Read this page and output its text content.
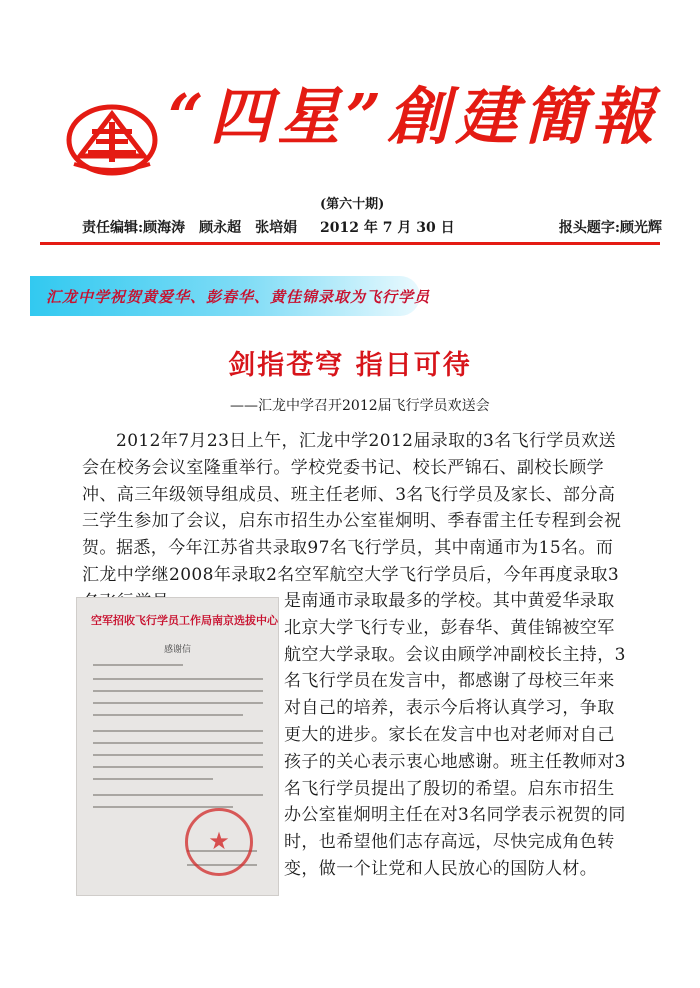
“四星”創建簡報
(第六十期)
责任编辑:顾海涛　顾永超　张培娟 2012 年 7 月 30 日	报头题字:顾光辉
汇龙中学祝贺黄爱华、彭春华、黄佳锦录取为飞行学员
剑指苍穹 指日可待
——汇龙中学召开2012届飞行学员欢送会

2012年7月23日上午，汇龙中学2012届录取的3名飞行学员欢送会在校务会议室隆重举行。学校党委书记、校长严锦石、副校长顾学冲、高三年级领导组成员、班主任老师、3名飞行学员及家长、部分高三学生参加了会议，启东市招生办公室崔炯明、季春雷主任专程到会祝贺。 据悉，今年江苏省共录取97名飞行学员，其中南通市为15名。而汇龙中学继2008年录取2名空军航空大学飞行学员后，今年再度录取3

是南通市录取最多的学校。其中黄爱华录取北京大学飞行专业，彭春华、黄佳锦被空军航空大学录取。会议由顾学冲副校长主持，3名飞行学员在发言中，都感谢了母校三年来对自己的培养，表示今后将认真学习，争取更大的进步。家长在发言中也对老师对自己孩子的关心表示衷心地感谢。班主任教师对3名飞行学员提出了殷切的希望。启东市招生办公室崔炯明主任在对3名同学表示祝贺的同时，也希望他们志存高远，尽快完成角色转变，做一个让党和人民放心的国防人材。

空军招收飞行学员工作局南京选拔中心
感谢信
★
